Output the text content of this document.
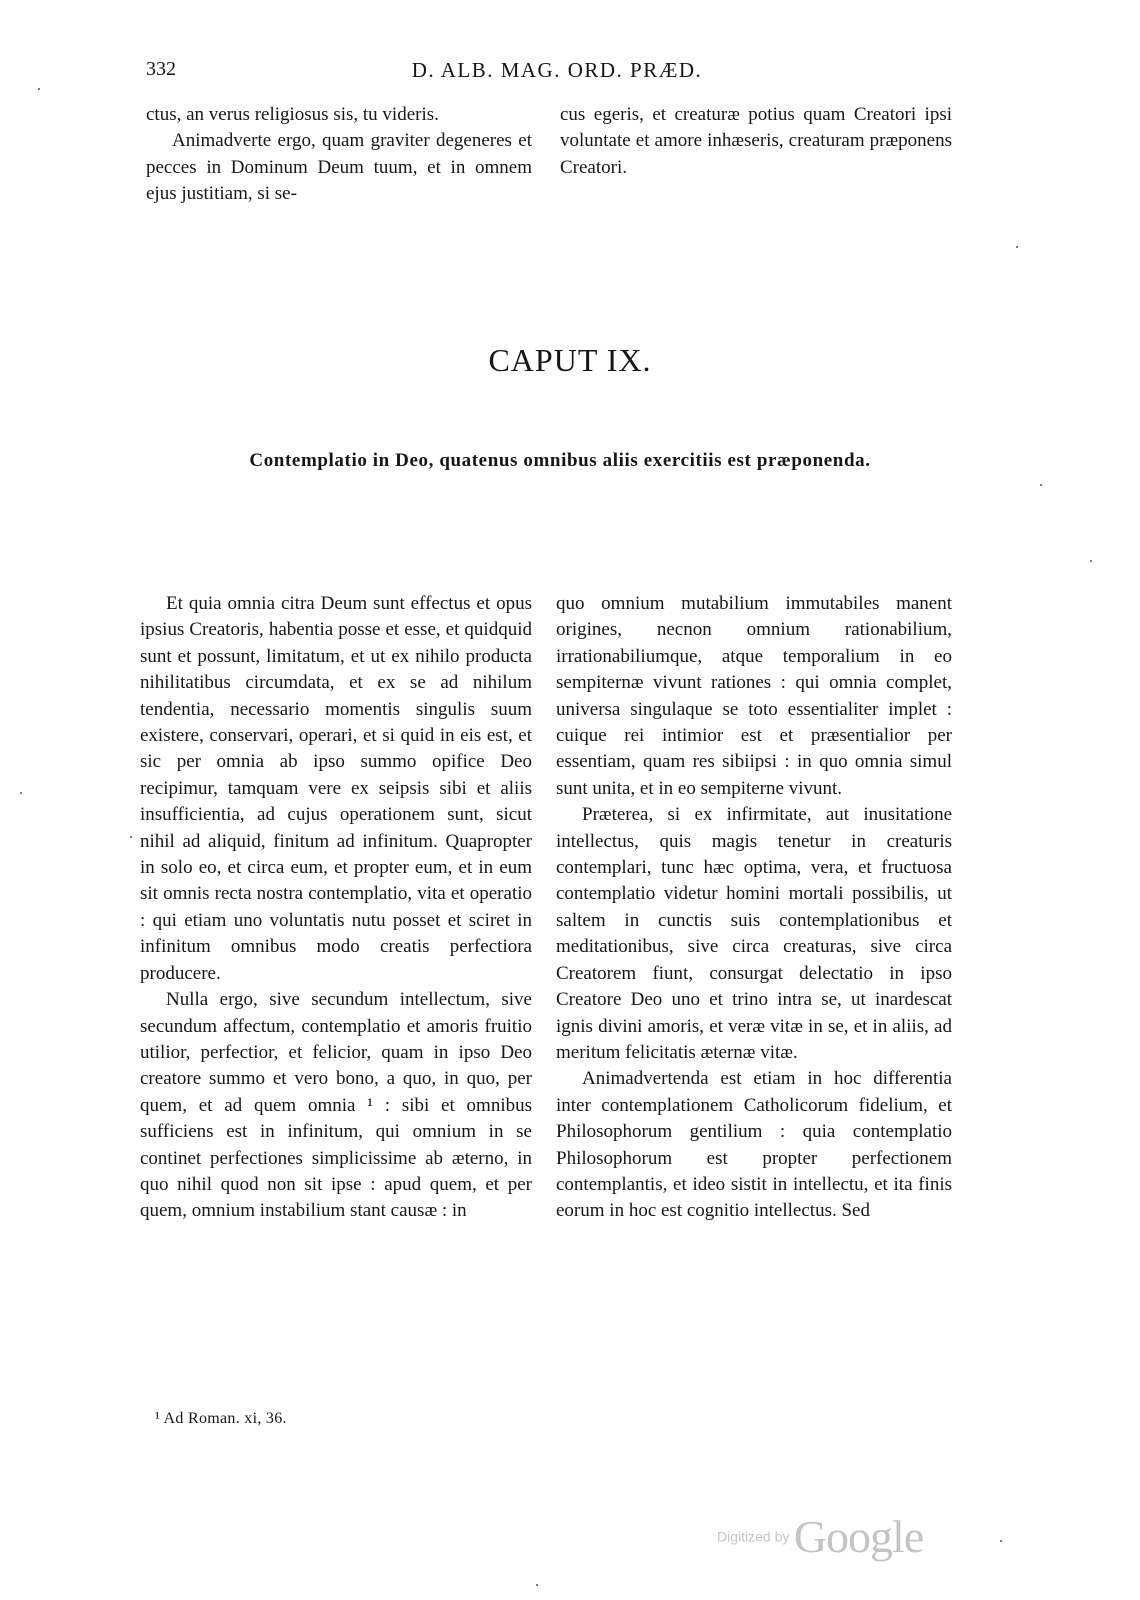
332	D. ALB. MAG. ORD. PRÆD.

ctus, an verus religiosus sis, tu videris.

Animadverte ergo, quam graviter degeneres et pecces in Dominum Deum tuum, et in omnem ejus justitiam, si se-

cus egeris, et creaturæ potius quam Creatori ipsi voluntate et amore inhæseris, creaturam præponens Creatori.

CAPUT IX.
Contemplatio in Deo, quatenus omnibus aliis exercitiis est præponenda.

Et quia omnia citra Deum sunt effectus et opus ipsius Creatoris, habentia posse et esse, et quidquid sunt et possunt, limitatum, et ut ex nihilo producta nihilitatibus circumdata, et ex se ad nihilum tendentia, necessario momentis singulis suum existere, conservari, operari, et si quid in eis est, et sic per omnia ab ipso summo opifice Deo recipimur, tamquam vere ex seipsis sibi et aliis insufficientia, ad cujus operationem sunt, sicut nihil ad aliquid, finitum ad infinitum. Quapropter in solo eo, et circa eum, et propter eum, et in eum sit omnis recta nostra contemplatio, vita et operatio : qui etiam uno voluntatis nutu posset et sciret in infinitum omnibus modo creatis perfectiora producere.

Nulla ergo, sive secundum intellectum, sive secundum affectum, contemplatio et amoris fruitio utilior, perfectior, et felicior, quam in ipso Deo creatore summo et vero bono, a quo, in quo, per quem, et ad quem omnia ¹ : sibi et omnibus sufficiens est in infinitum, qui omnium in se continet perfectiones simplicissime ab æterno, in quo nihil quod non sit ipse : apud quem, et per quem, omnium instabilium stant causæ : in

quo omnium mutabilium immutabiles manent origines, necnon omnium rationabilium, irrationabiliumque, atque temporalium in eo sempiternæ vivunt rationes : qui omnia complet, universa singulaque se toto essentialiter implet : cuique rei intimior est et præsentialior per essentiam, quam res sibiipsi : in quo omnia simul sunt unita, et in eo sempiterne vivunt.

Præterea, si ex infirmitate, aut inusitatione intellectus, quis magis tenetur in creaturis contemplari, tunc hæc optima, vera, et fructuosa contemplatio videtur homini mortali possibilis, ut saltem in cunctis suis contemplationibus et meditationibus, sive circa creaturas, sive circa Creatorem fiunt, consurgat delectatio in ipso Creatore Deo uno et trino intra se, ut inardescat ignis divini amoris, et veræ vitæ in se, et in aliis, ad meritum felicitatis æternæ vitæ.

Animadvertenda est etiam in hoc differentia inter contemplationem Catholicorum fidelium, et Philosophorum gentilium : quia contemplatio Philosophorum est propter perfectionem contemplantis, et ideo sistit in intellectu, et ita finis eorum in hoc est cognitio intellectus. Sed

¹ Ad Roman. xi, 36.
Digitized by Google
